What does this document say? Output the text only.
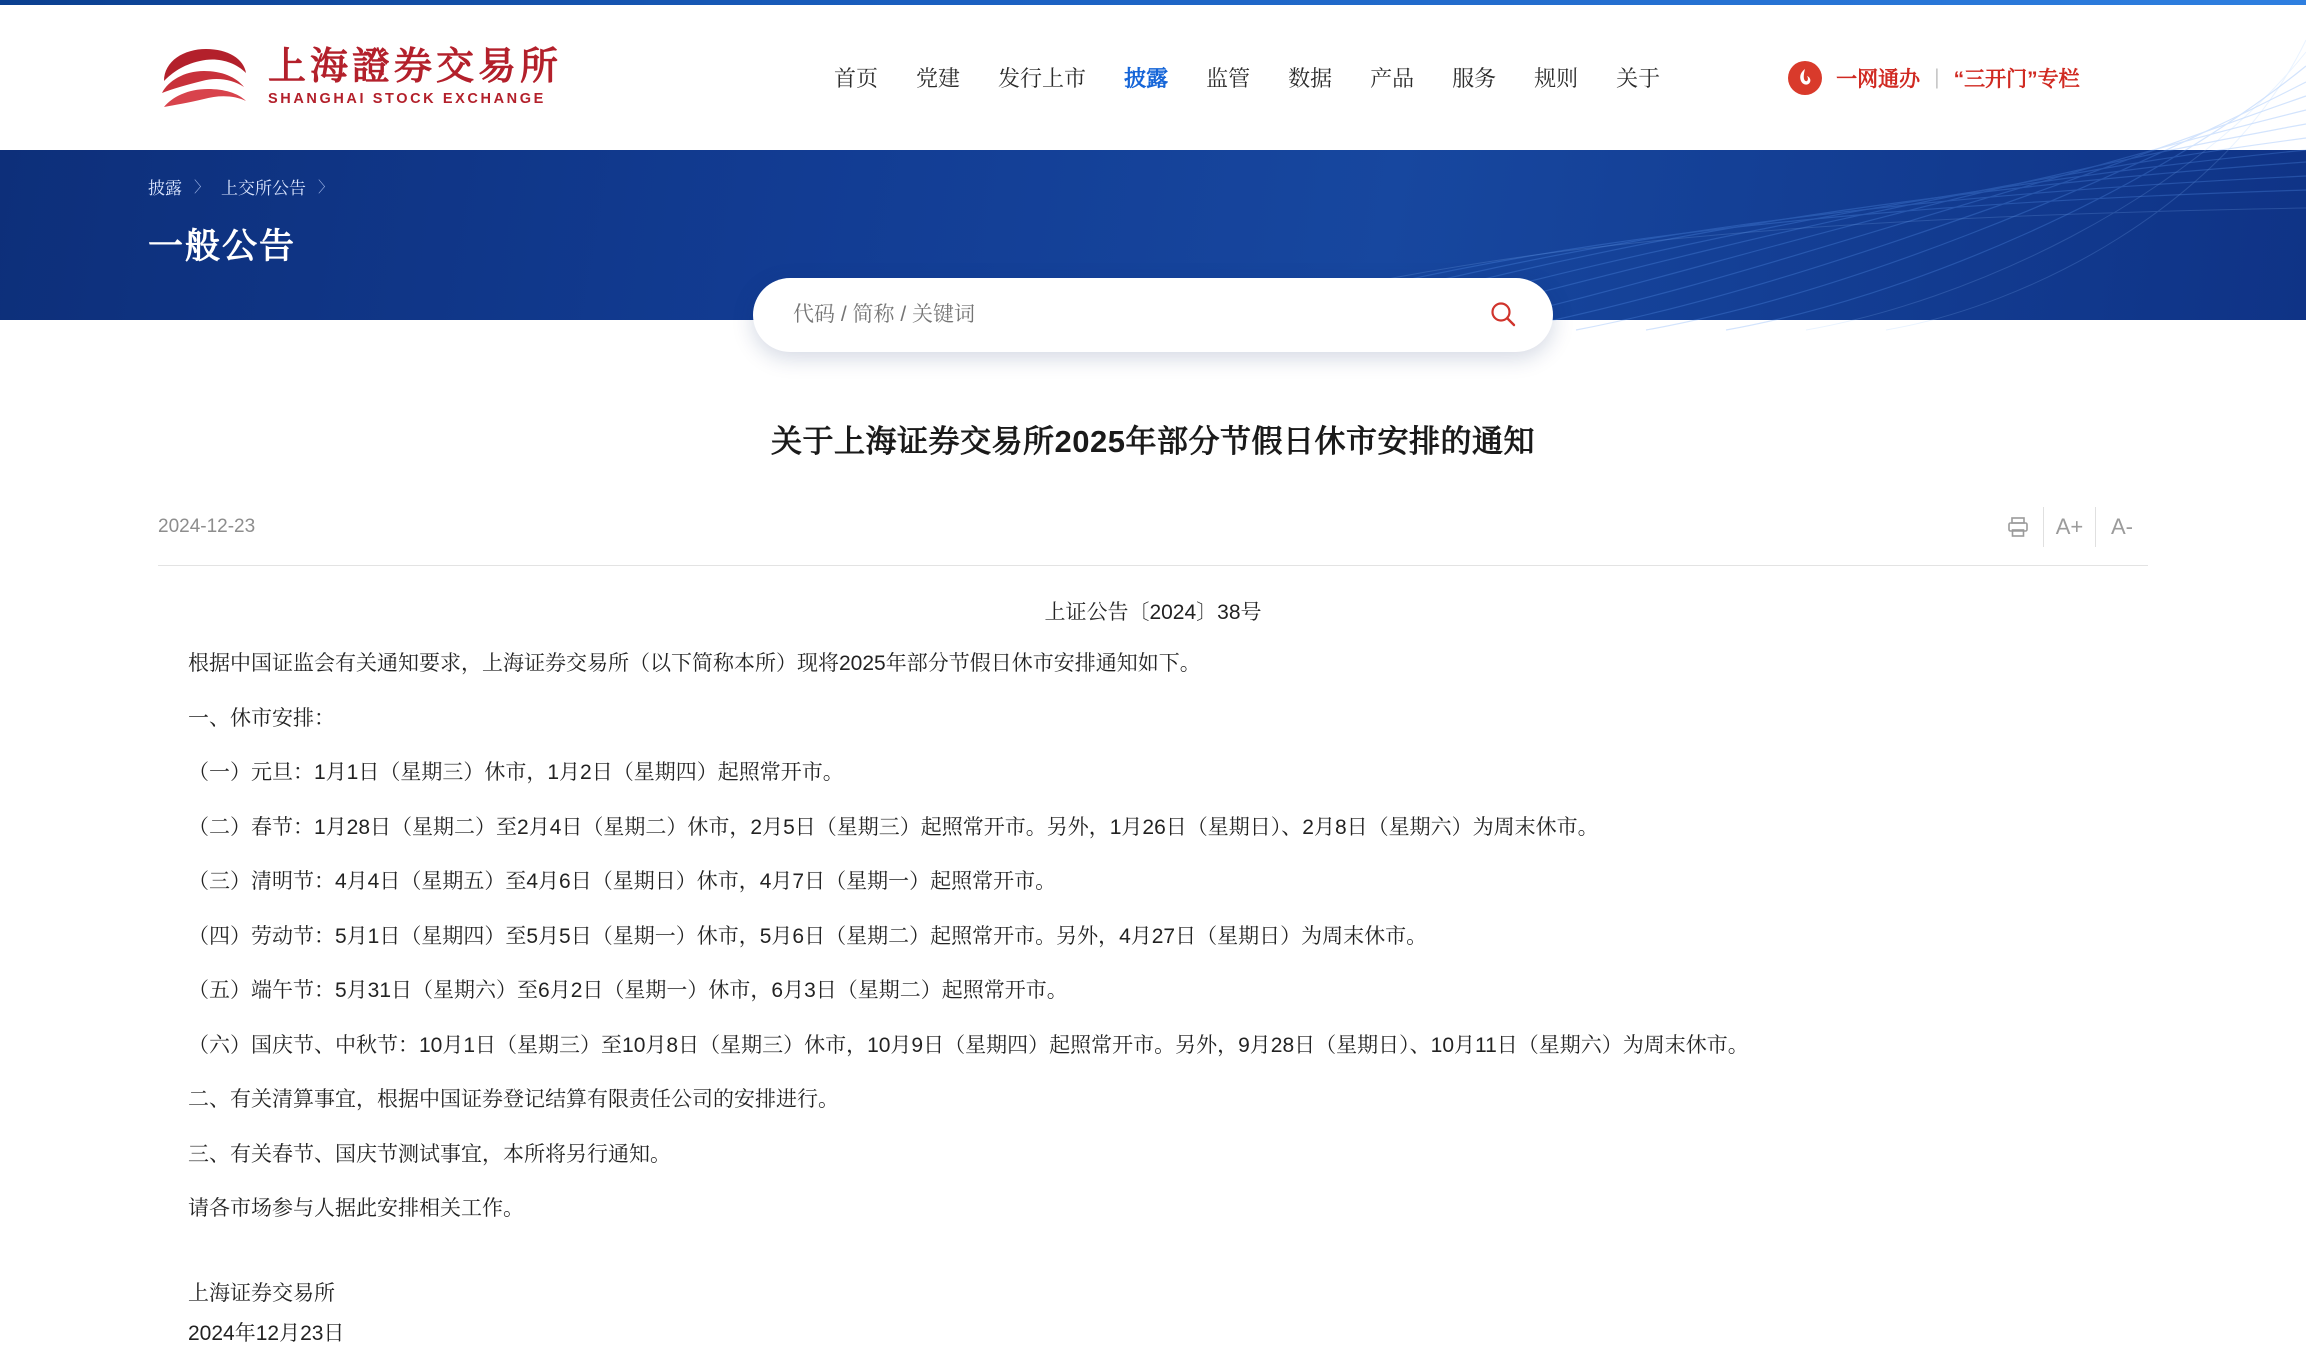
上海證券交易所
SHANGHAI STOCK EXCHANGE
首页 党建 发行上市 披露 监管 数据 产品 服务 规则 关于	一网通办 | “三开门”专栏
披露 〉 上交所公告 〉
一般公告
代码 / 简称 / 关键词
关于上海证券交易所2025年部分节假日休市安排的通知
2024-12-23	A+	A-
上证公告〔2024〕38号
根据中国证监会有关通知要求，上海证券交易所（以下简称本所）现将2025年部分节假日休市安排通知如下。
一、休市安排：
（一）元旦：1月1日（星期三）休市，1月2日（星期四）起照常开市。
（二）春节：1月28日（星期二）至2月4日（星期二）休市，2月5日（星期三）起照常开市。另外，1月26日（星期日）、2月8日（星期六）为周末休市。
（三）清明节：4月4日（星期五）至4月6日（星期日）休市，4月7日（星期一）起照常开市。
（四）劳动节：5月1日（星期四）至5月5日（星期一）休市，5月6日（星期二）起照常开市。另外，4月27日（星期日）为周末休市。
（五）端午节：5月31日（星期六）至6月2日（星期一）休市，6月3日（星期二）起照常开市。
（六）国庆节、中秋节：10月1日（星期三）至10月8日（星期三）休市，10月9日（星期四）起照常开市。另外，9月28日（星期日）、10月11日（星期六）为周末休市。
二、有关清算事宜，根据中国证券登记结算有限责任公司的安排进行。
三、有关春节、国庆节测试事宜，本所将另行通知。
请各市场参与人据此安排相关工作。
上海证券交易所
2024年12月23日
